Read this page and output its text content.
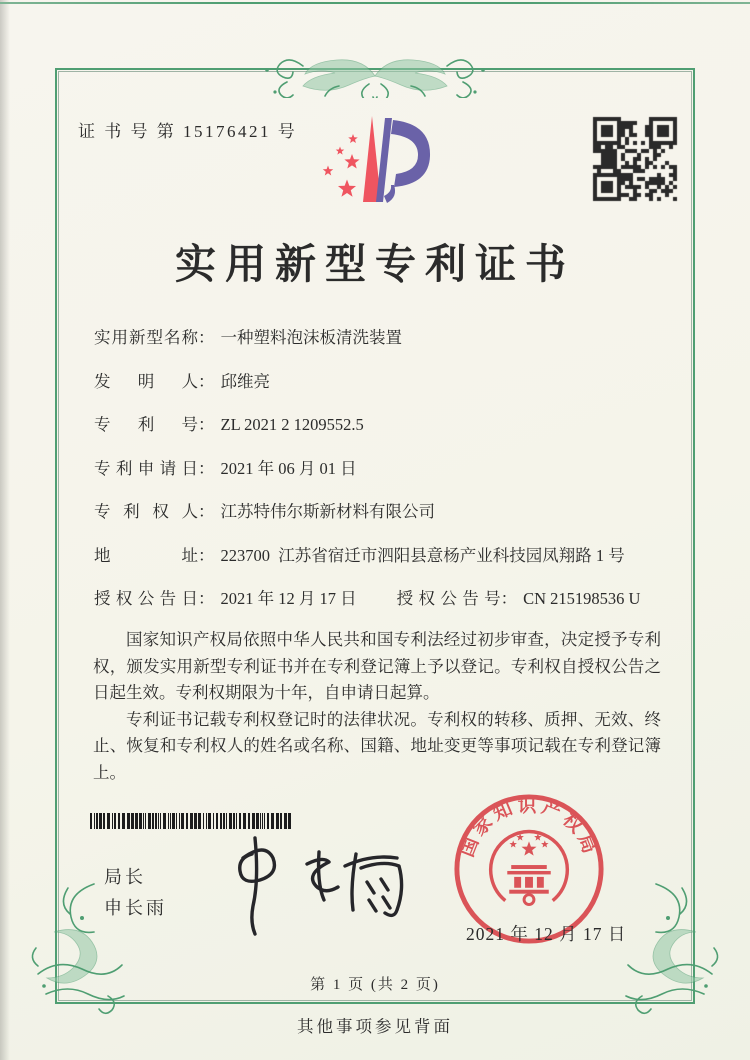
证 书 号 第 15176421 号
实用新型专利证书
实用新型名称 ： 一种塑料泡沫板清洗装置
发明人 ： 邱维亮
专利号 ： ZL 2021 2 1209552.5
专利申请日 ： 2021 年 06 月 01 日
专利权人 ： 江苏特伟尔斯新材料有限公司
地址 ： 223700  江苏省宿迁市泗阳县意杨产业科技园凤翔路 1 号
授权公告日 ： 2021 年 12 月 17 日 授权公告号 ： CN 215198536 U

国家知识产权局依照中华人民共和国专利法经过初步审查，决定授予专利权，颁发实用新型专利证书并在专利登记簿上予以登记。专利权自授权公告之日起生效。专利权期限为十年，自申请日起算。

专利证书记载专利权登记时的法律状况。专利权的转移、质押、无效、终止、恢复和专利权人的姓名或名称、国籍、地址变更等事项记载在专利登记簿上。

局长
申长雨
国家知识产权局
2021 年 12 月 17 日
第 1 页 (共 2 页)
其他事项参见背面
